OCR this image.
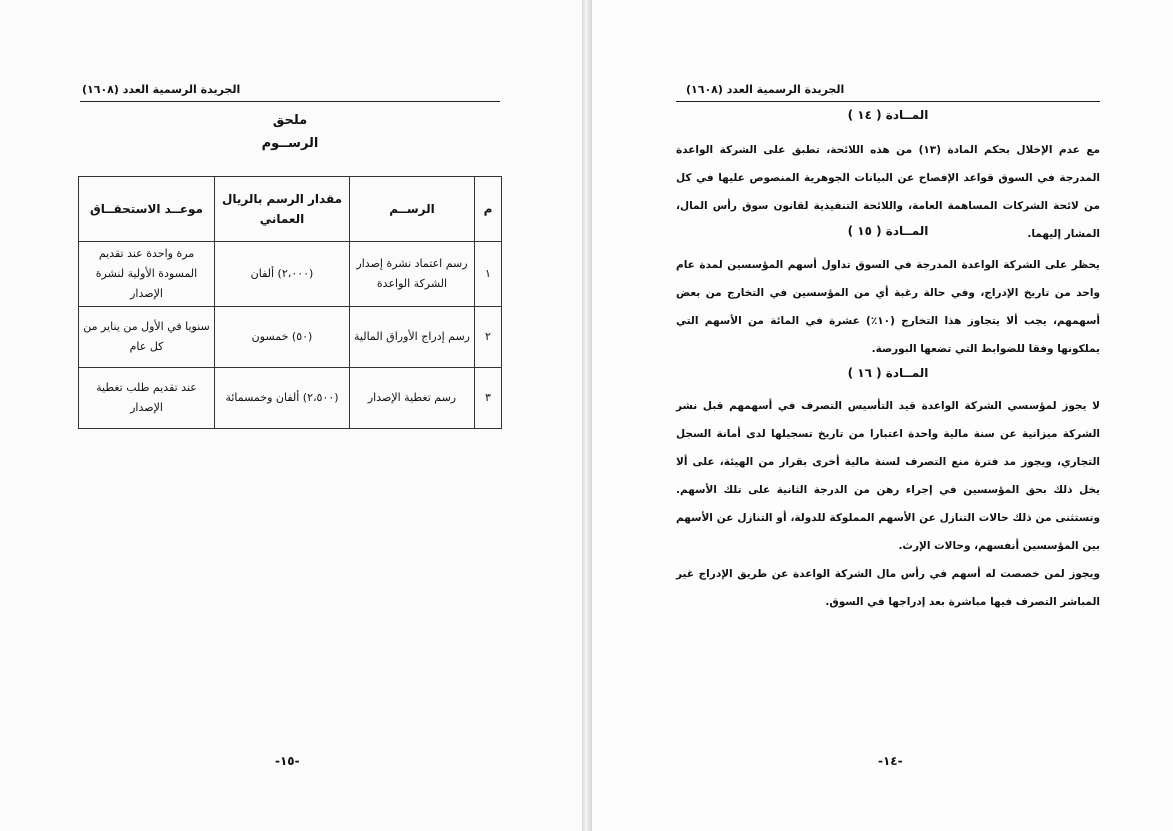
الجريدة الرسمية العدد (١٦٠٨)
ملحق
الرســوم
م	الرســم	مقدار الرسم بالريال العماني	موعــد الاستحقــاق
١	رسم اعتماد نشرة إصدار الشركة الواعدة	(٢،٠٠٠) ألفان	مرة واحدة عند تقديم المسودة الأولية لنشرة الإصدار
٢	رسم إدراج الأوراق المالية	(٥٠) خمسون	سنويا في الأول من يناير من كل عام
٣	رسم تغطية الإصدار	(٢،٥٠٠) ألفان وخمسمائة	عند تقديم طلب تغطية الإصدار
-١٥-
الجريدة الرسمية العدد (١٦٠٨)
المــادة ( ١٤ )

مع عدم الإخلال بحكم المادة (١٣) من هذه اللائحة، تطبق على الشركة الواعدة المدرجة في السوق قواعد الإفصاح عن البيانات الجوهرية المنصوص عليها في كل من لائحة الشركات المساهمة العامة، واللائحة التنفيذية لقانون سوق رأس المال، المشار إليهما.

المــادة ( ١٥ )

يحظر على الشركة الواعدة المدرجة في السوق تداول أسهم المؤسسين لمدة عام واحد من تاريخ الإدراج، وفي حالة رغبة أي من المؤسسين في التخارج من بعض أسهمهم، يجب ألا يتجاوز هذا التخارج (١٠٪) عشرة في المائة من الأسهم التي يملكونها وفقا للضوابط التي تضعها البورصة.

المــادة ( ١٦ )

لا يجوز لمؤسسي الشركة الواعدة قيد التأسيس التصرف في أسهمهم قبل نشر الشركة ميزانية عن سنة مالية واحدة اعتبارا من تاريخ تسجيلها لدى أمانة السجل التجاري، ويجوز مد فترة منع التصرف لسنة مالية أخرى بقرار من الهيئة، على ألا يخل ذلك بحق المؤسسين في إجراء رهن من الدرجة الثانية على تلك الأسهم. وتستثنى من ذلك حالات التنازل عن الأسهم المملوكة للدولة، أو التنازل عن الأسهم بين المؤسسين أنفسهم، وحالات الإرث.

ويجوز لمن خصصت له أسهم في رأس مال الشركة الواعدة عن طريق الإدراج غير المباشر التصرف فيها مباشرة بعد إدراجها في السوق.

-١٤-
